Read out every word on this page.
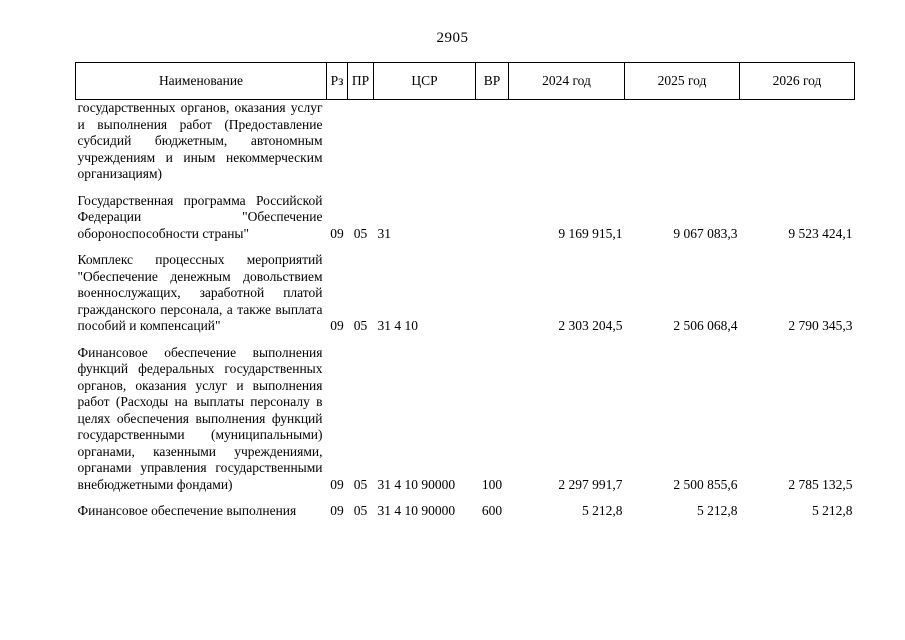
2905
Наименование	Рз	ПР	ЦСР	ВР	2024 год	2025 год	2026 год
государственных органов, оказания услуг и выполнения работ (Предоставление субсидий бюджетным, автономным учреждениям и иным некоммерческим организациям)							
Государственная программа Российской Федерации "Обеспечение обороноспособности страны"	09	05	31		9 169 915,1	9 067 083,3	9 523 424,1
Комплекс процессных мероприятий "Обеспечение денежным довольствием военнослужащих, заработной платой гражданского персонала, а также выплата пособий и компенсаций"	09	05	31 4 10		2 303 204,5	2 506 068,4	2 790 345,3
Финансовое обеспечение выполнения функций федеральных государственных органов, оказания услуг и выполнения работ (Расходы на выплаты персоналу в целях обеспечения выполнения функций государственными (муниципальными) органами, казенными учреждениями, органами управления государственными внебюджетными фондами)	09	05	31 4 10 90000	100	2 297 991,7	2 500 855,6	2 785 132,5
Финансовое обеспечение выполнения	09	05	31 4 10 90000	600	5 212,8	5 212,8	5 212,8
